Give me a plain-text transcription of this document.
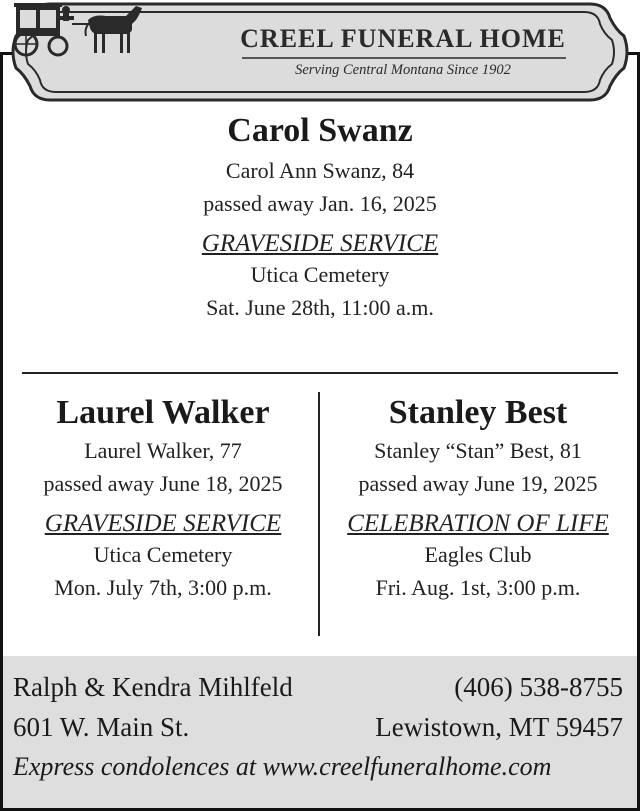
CREEL FUNERAL HOME
Serving Central Montana Since 1902
Carol Swanz
Carol Ann Swanz, 84
passed away Jan. 16, 2025
GRAVESIDE SERVICE
Utica Cemetery
Sat. June 28th, 11:00 a.m.
Laurel Walker
Laurel Walker, 77
passed away June 18, 2025
GRAVESIDE SERVICE
Utica Cemetery
Mon. July 7th, 3:00 p.m.
Stanley Best
Stanley “Stan” Best, 81
passed away June 19, 2025
CELEBRATION OF LIFE
Eagles Club
Fri. Aug. 1st, 3:00 p.m.
Ralph & Kendra Mihlfeld	(406) 538-8755
601 W. Main St.	Lewistown, MT 59457
Express condolences at www.creelfuneralhome.com
